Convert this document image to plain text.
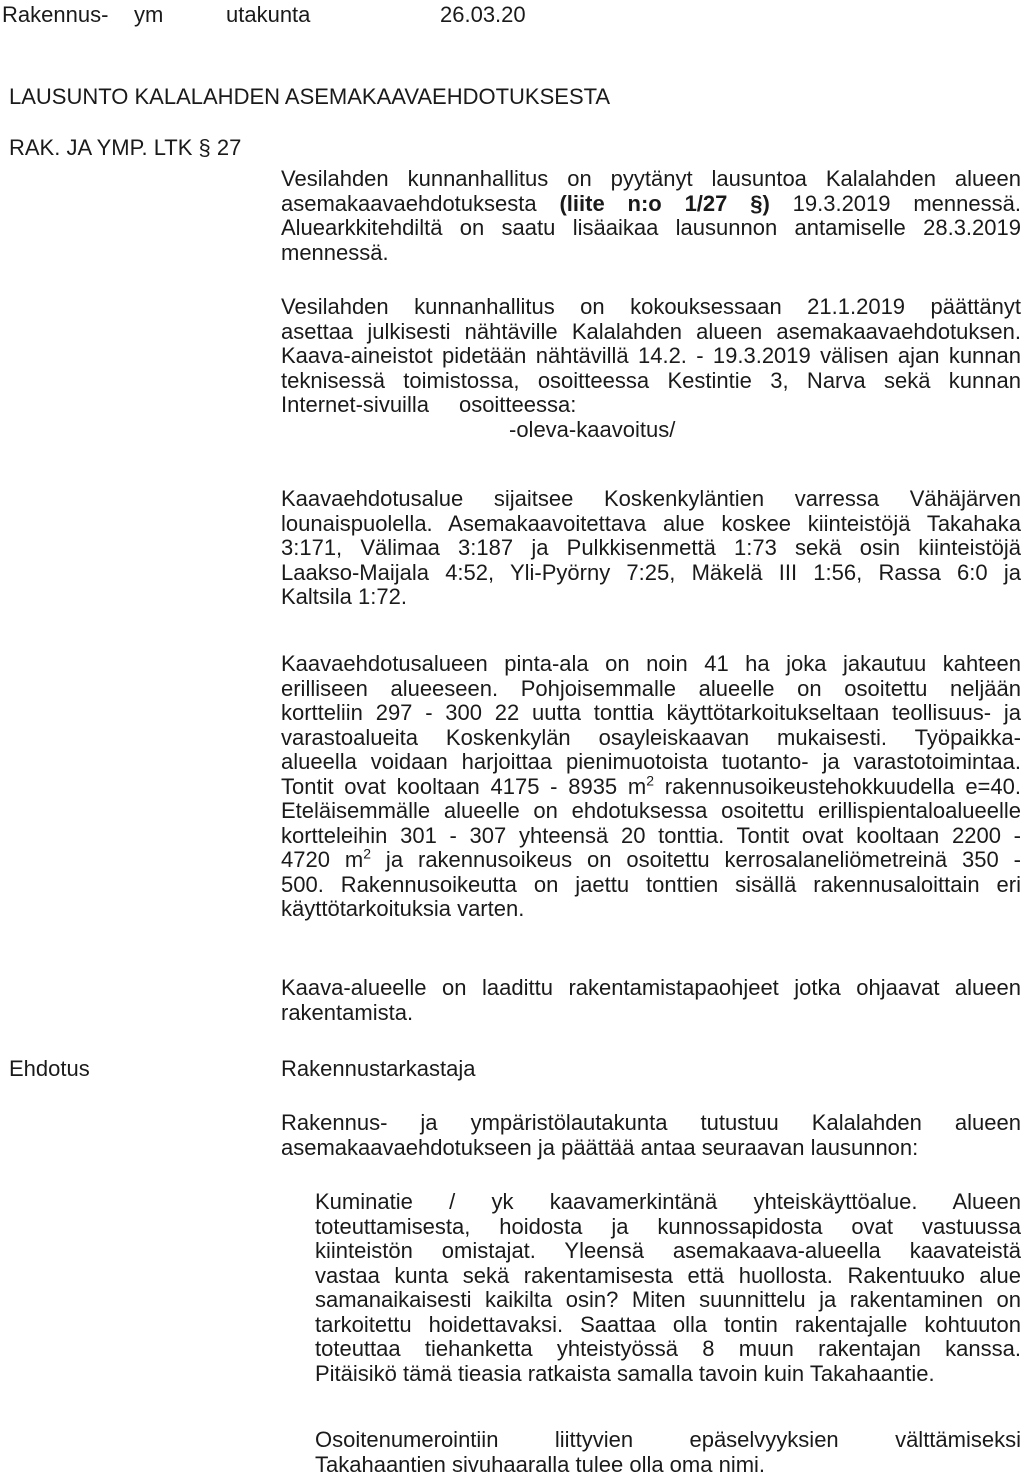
Rakennus- ym	utakunta	26.03.20
LAUSUNTO KALALAHDEN ASEMAKAAVAEHDOTUKSESTA
RAK. JA YMP. LTK § 27

Vesilahden kunnanhallitus on pyytänyt lausuntoa Kalalahden alueen
asemakaavaehdotuksesta (liite n:o 1/27 §) 19.3.2019 mennessä.
Aluearkkitehdiltä on saatu lisäaikaa lausunnon antamiselle 28.3.2019
mennessä.

Vesilahden kunnanhallitus on kokouksessaan 21.1.2019 päättänyt
asettaa julkisesti nähtäville Kalalahden alueen asemakaavaehdotuksen.
Kaava-aineistot pidetään nähtävillä 14.2. - 19.3.2019 välisen ajan kunnan
teknisessä toimistossa, osoitteessa Kestintie 3, Narva sekä kunnan
Internet-sivuilla osoitteessa:
-oleva-kaavoitus/

Kaavaehdotusalue sijaitsee Koskenkyläntien varressa Vähäjärven
lounaispuolella. Asemakaavoitettava alue koskee kiinteistöjä Takahaka
3:171, Välimaa 3:187 ja Pulkkisenmettä 1:73 sekä osin kiinteistöjä
Laakso-Maijala 4:52, Yli-Pyörny 7:25, Mäkelä III 1:56, Rassa 6:0 ja
Kaltsila 1:72.

Kaavaehdotusalueen pinta-ala on noin 41 ha joka jakautuu kahteen
erilliseen alueeseen. Pohjoisemmalle alueelle on osoitettu neljään
kortteliin 297 - 300 22 uutta tonttia käyttötarkoitukseltaan teollisuus- ja
varastoalueita Koskenkylän osayleiskaavan mukaisesti. Työpaikka-
alueella voidaan harjoittaa pienimuotoista tuotanto- ja varastotoimintaa.
Tontit ovat kooltaan 4175 - 8935 $m^2$ rakennusoikeustehokkuudella e=40.
Eteläisemmälle alueelle on ehdotuksessa osoitettu erillispientaloalueelle
kortteleihin 301 - 307 yhteensä 20 tonttia. Tontit ovat kooltaan 2200 -
4720 $m^2$ ja rakennusoikeus on osoitettu kerrosalaneliömetreinä 350 -
500. Rakennusoikeutta on jaettu tonttien sisällä rakennusaloittain eri
käyttötarkoituksia varten.

Kaava-alueelle on laadittu rakentamistapaohjeet jotka ohjaavat alueen
rakentamista.

Ehdotus	Rakennustarkastaja

Rakennus- ja ympäristölautakunta tutustuu Kalalahden alueen
asemakaavaehdotukseen ja päättää antaa seuraavan lausunnon:

Kuminatie / yk kaavamerkintänä yhteiskäyttöalue. Alueen
toteuttamisesta, hoidosta ja kunnossapidosta ovat vastuussa
kiinteistön omistajat. Yleensä asemakaava-alueella kaavateistä
vastaa kunta sekä rakentamisesta että huollosta. Rakentuuko alue
samanaikaisesti kaikilta osin? Miten suunnittelu ja rakentaminen on
tarkoitettu hoidettavaksi. Saattaa olla tontin rakentajalle kohtuuton
toteuttaa tiehanketta yhteistyössä 8 muun rakentajan kanssa.
Pitäisikö tämä tieasia ratkaista samalla tavoin kuin Takahaantie.

Osoitenumerointiin liittyvien epäselvyyksien välttämiseksi
Takahaantien sivuhaaralla tulee olla oma nimi.
